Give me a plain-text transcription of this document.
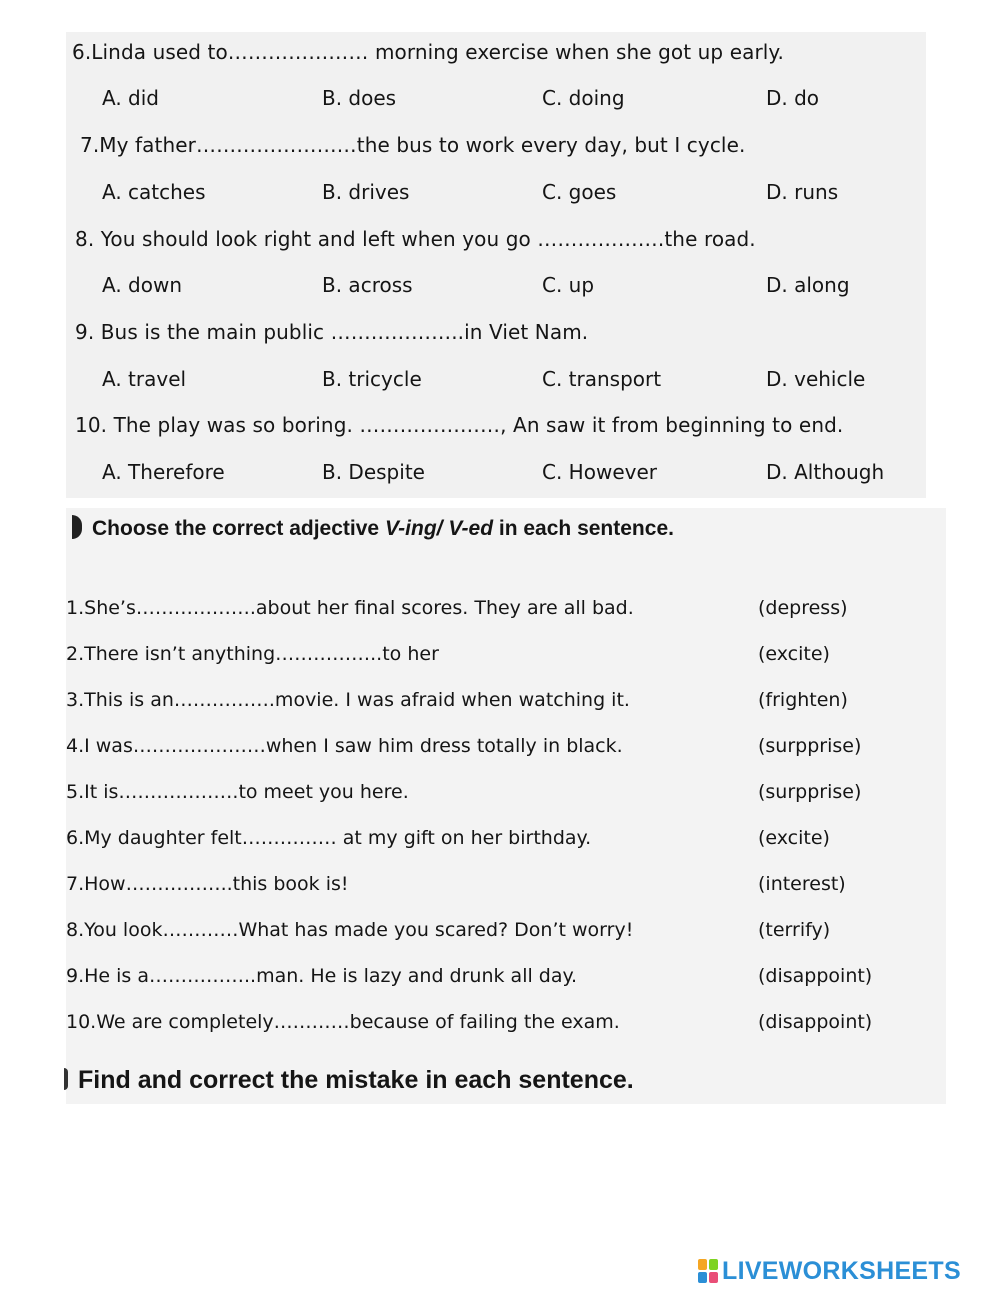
6.Linda used to………………… morning exercise when she got up early.
A. did	B. does	C. doing	D. do
7.My father……………………the bus to work every day, but I cycle.
A. catches	B. drives	C. goes	D. runs
8. You should look right and left when you go ……………….the road.
A. down	B. across	C. up	D. along
9. Bus is the main public ………………..in Viet Nam.
A. travel	B. tricycle	C. transport	D. vehicle
10. The play was so boring. …………………, An saw it from beginning to end.
A. Therefore	B. Despite	C. However	D. Although
Choose the correct adjective V-ing/ V-ed in each sentence.
1.She’s……………….about her final scores. They are all bad.	(depress)
2.There isn’t anything……………..to her	(excite)
3.This is an…………….movie. I was afraid when watching it.	(frighten)
4.I was…………………when I saw him dress totally in black.	(surpprise)
5.It is……………….to meet you here.	(surpprise)
6.My daughter felt…………… at my gift on her birthday.	(excite)
7.How……………..this book is!	(interest)
8.You look…………What has made you scared? Don’t worry!	(terrify)
9.He is a……………..man. He is lazy and drunk all day.	(disappoint)
10.We are completely…………because of failing the exam.	(disappoint)
Find and correct the mistake in each sentence.
LIVEWORKSHEETS
